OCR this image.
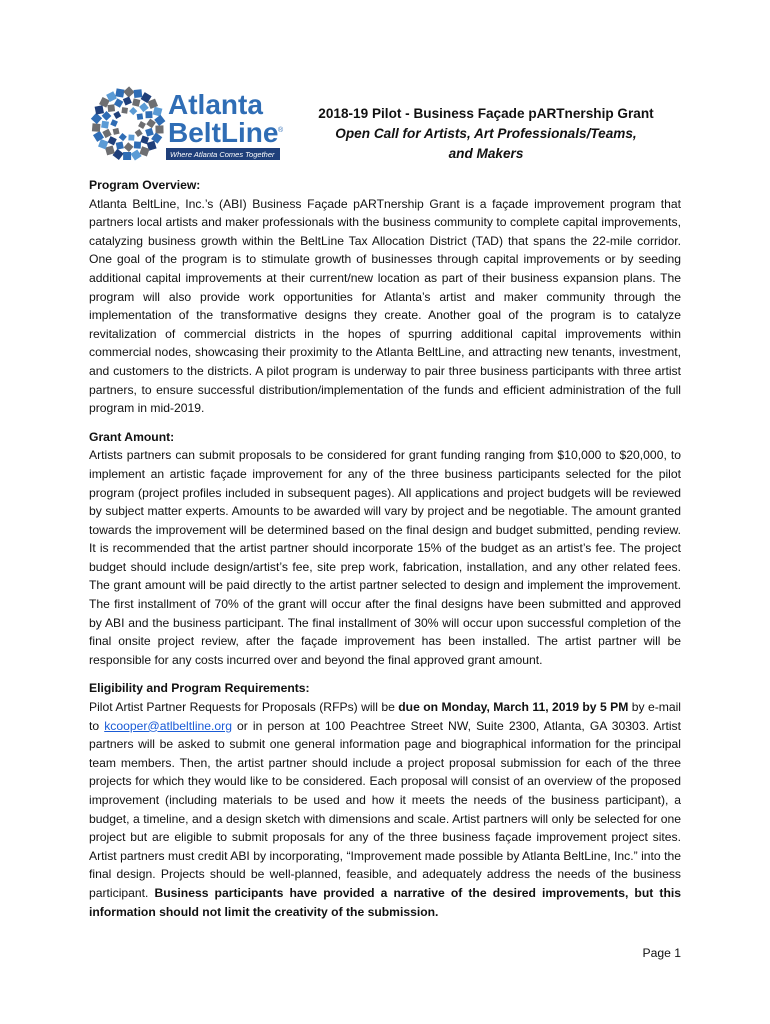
Atlanta
BeltLine ®
Where Atlanta Comes Together
2018-19 Pilot - Business Façade pARTnership Grant
Open Call for Artists, Art Professionals/Teams,
and Makers

Program Overview:

Atlanta BeltLine, Inc.’s (ABI) Business Façade pARTnership Grant is a façade improvement program that partners local artists and maker professionals with the business community to complete capital improvements, catalyzing business growth within the BeltLine Tax Allocation District (TAD) that spans the 22-mile corridor. One goal of the program is to stimulate growth of businesses through capital improvements or by seeding additional capital improvements at their current/new location as part of their business expansion plans. The program will also provide work opportunities for Atlanta’s artist and maker community through the implementation of the transformative designs they create. Another goal of the program is to catalyze revitalization of commercial districts in the hopes of spurring additional capital improvements within commercial nodes, showcasing their proximity to the Atlanta BeltLine, and attracting new tenants, investment, and customers to the districts. A pilot program is underway to pair three business participants with three artist partners, to ensure successful distribution/implementation of the funds and efficient administration of the full program in mid-2019.

Grant Amount:

Artists partners can submit proposals to be considered for grant funding ranging from $10,000 to $20,000, to implement an artistic façade improvement for any of the three business participants selected for the pilot program (project profiles included in subsequent pages). All applications and project budgets will be reviewed by subject matter experts. Amounts to be awarded will vary by project and be negotiable. The amount granted towards the improvement will be determined based on the final design and budget submitted, pending review. It is recommended that the artist partner should incorporate 15% of the budget as an artist’s fee. The project budget should include design/artist’s fee, site prep work, fabrication, installation, and any other related fees. The grant amount will be paid directly to the artist partner selected to design and implement the improvement. The first installment of 70% of the grant will occur after the final designs have been submitted and approved by ABI and the business participant. The final installment of 30% will occur upon successful completion of the final onsite project review, after the façade improvement has been installed. The artist partner will be responsible for any costs incurred over and beyond the final approved grant amount.

Eligibility and Program Requirements:

Pilot Artist Partner Requests for Proposals (RFPs) will be due on Monday, March 11, 2019 by 5 PM by e-mail to kcooper@atlbeltline.org or in person at 100 Peachtree Street NW, Suite 2300, Atlanta, GA 30303. Artist partners will be asked to submit one general information page and biographical information for the principal team members. Then, the artist partner should include a project proposal submission for each of the three projects for which they would like to be considered. Each proposal will consist of an overview of the proposed improvement (including materials to be used and how it meets the needs of the business participant), a budget, a timeline, and a design sketch with dimensions and scale. Artist partners will only be selected for one project but are eligible to submit proposals for any of the three business façade improvement project sites. Artist partners must credit ABI by incorporating, “Improvement made possible by Atlanta BeltLine, Inc.” into the final design. Projects should be well-planned, feasible, and adequately address the needs of the business participant. Business participants have provided a narrative of the desired improvements, but this information should not limit the creativity of the submission.

Page 1
